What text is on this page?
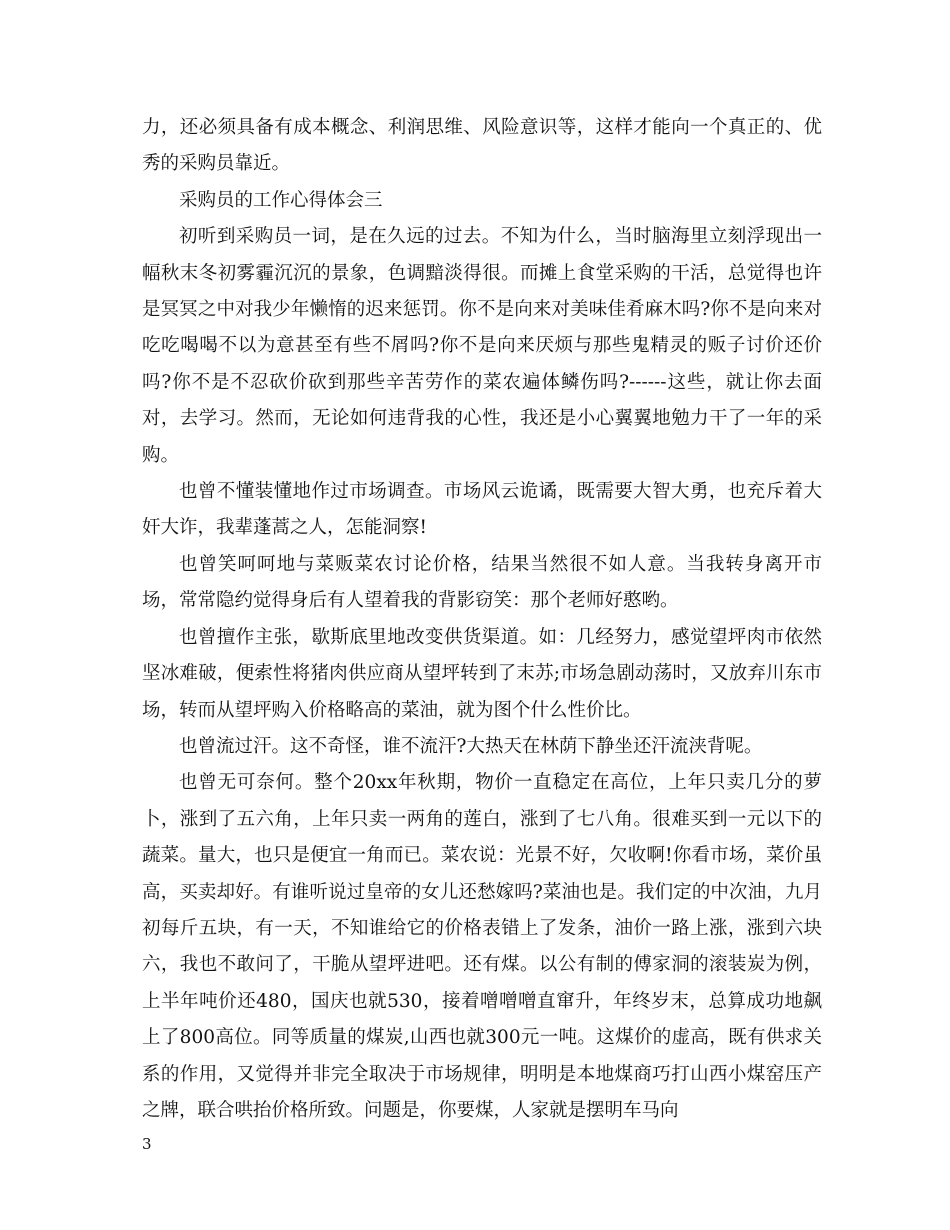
力，还必须具备有成本概念、利润思维、风险意识等，这样才能向一个真正的、优秀的采购员靠近。

采购员的工作心得体会三

初听到采购员一词，是在久远的过去。不知为什么，当时脑海里立刻浮现出一幅秋末冬初雾霾沉沉的景象，色调黯淡得很。而摊上食堂采购的干活，总觉得也许是冥冥之中对我少年懒惰的迟来惩罚。你不是向来对美味佳肴麻木吗?你不是向来对吃吃喝喝不以为意甚至有些不屑吗?你不是向来厌烦与那些鬼精灵的贩子讨价还价吗?你不是不忍砍价砍到那些辛苦劳作的菜农遍体鳞伤吗?------这些，就让你去面对，去学习。然而，无论如何违背我的心性，我还是小心翼翼地勉力干了一年的采购。

也曾不懂装懂地作过市场调查。市场风云诡谲，既需要大智大勇，也充斥着大奸大诈，我辈蓬蒿之人，怎能洞察!

也曾笑呵呵地与菜贩菜农讨论价格，结果当然很不如人意。当我转身离开市场，常常隐约觉得身后有人望着我的背影窃笑：那个老师好憨哟。

也曾擅作主张，歇斯底里地改变供货渠道。如：几经努力，感觉望坪肉市依然坚冰难破，便索性将猪肉供应商从望坪转到了末苏;市场急剧动荡时，又放弃川东市场，转而从望坪购入价格略高的菜油，就为图个什么性价比。

也曾流过汗。这不奇怪，谁不流汗?大热天在林荫下静坐还汗流浃背呢。

也曾无可奈何。整个20xx年秋期，物价一直稳定在高位，上年只卖几分的萝卜，涨到了五六角，上年只卖一两角的莲白，涨到了七八角。很难买到一元以下的蔬菜。量大，也只是便宜一角而已。菜农说：光景不好，欠收啊!你看市场，菜价虽高，买卖却好。有谁听说过皇帝的女儿还愁嫁吗?菜油也是。我们定的中次油，九月初每斤五块，有一天，不知谁给它的价格表错上了发条，油价一路上涨，涨到六块六，我也不敢问了，干脆从望坪进吧。还有煤。以公有制的傅家洞的滚装炭为例，上半年吨价还480，国庆也就530，接着噌噌噌直窜升，年终岁末，总算成功地飙上了800高位。同等质量的煤炭,山西也就300元一吨。这煤价的虚高，既有供求关系的作用，又觉得并非完全取决于市场规律，明明是本地煤商巧打山西小煤窑压产之牌，联合哄抬价格所致。问题是，你要煤，人家就是摆明车马向

3
